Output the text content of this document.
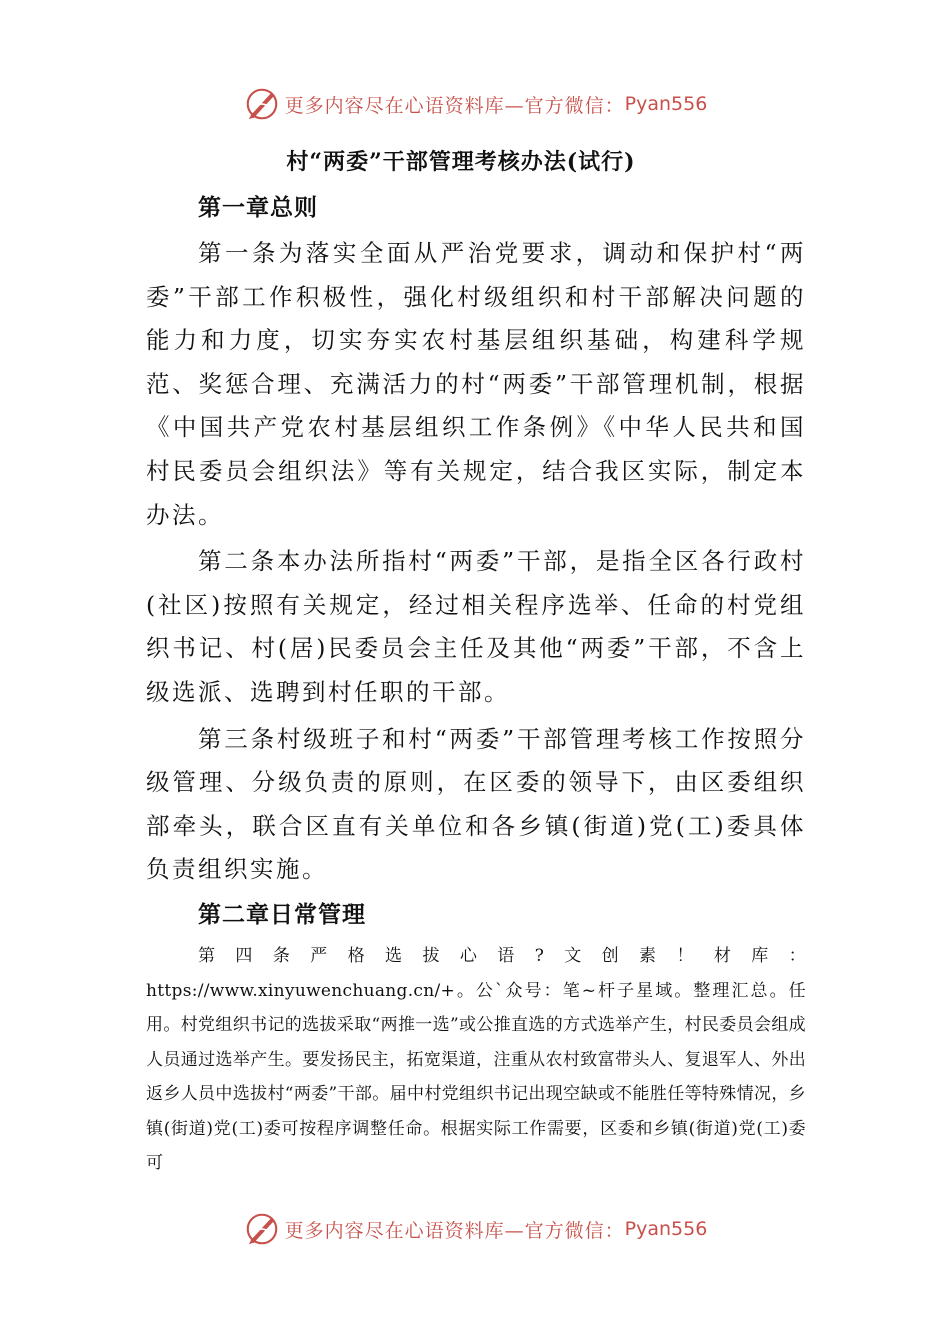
更多内容尽在心语资料库—官方微信： Pyan556
村“两委”干部管理考核办法(试行)
第一章总则

第一条为落实全面从严治党要求，调动和保护村“两委”干部工作积极性，强化村级组织和村干部解决问题的能力和力度，切实夯实农村基层组织基础，构建科学规范、奖惩合理、充满活力的村“两委”干部管理机制，根据《中国共产党农村基层组织工作条例》《中华人民共和国村民委员会组织法》等有关规定，结合我区实际，制定本办法。

第二条本办法所指村“两委”干部，是指全区各行政村(社区)按照有关规定，经过相关程序选举、任命的村党组织书记、村(居)民委员会主任及其他“两委”干部，不含上级选派、选聘到村任职的干部。

第三条村级班子和村“两委”干部管理考核工作按照分级管理、分级负责的原则，在区委的领导下，由区委组织部牵头，联合区直有关单位和各乡镇(街道)党(工)委具体负责组织实施。

第二章日常管理

第四条严格选拔心语?文创素！材库：https://www.xinyuwenchuang.cn/+。公`众号：笔~杆子星域。整理汇总。任用。村党组织书记的选拔采取“两推一选”或公推直选的方式选举产生，村民委员会组成人员通过选举产生。要发扬民主，拓宽渠道，注重从农村致富带头人、复退军人、外出返乡人员中选拔村“两委”干部。届中村党组织书记出现空缺或不能胜任等特殊情况，乡镇(街道)党(工)委可按程序调整任命。根据实际工作需要，区委和乡镇(街道)党(工)委可

更多内容尽在心语资料库—官方微信： Pyan556
